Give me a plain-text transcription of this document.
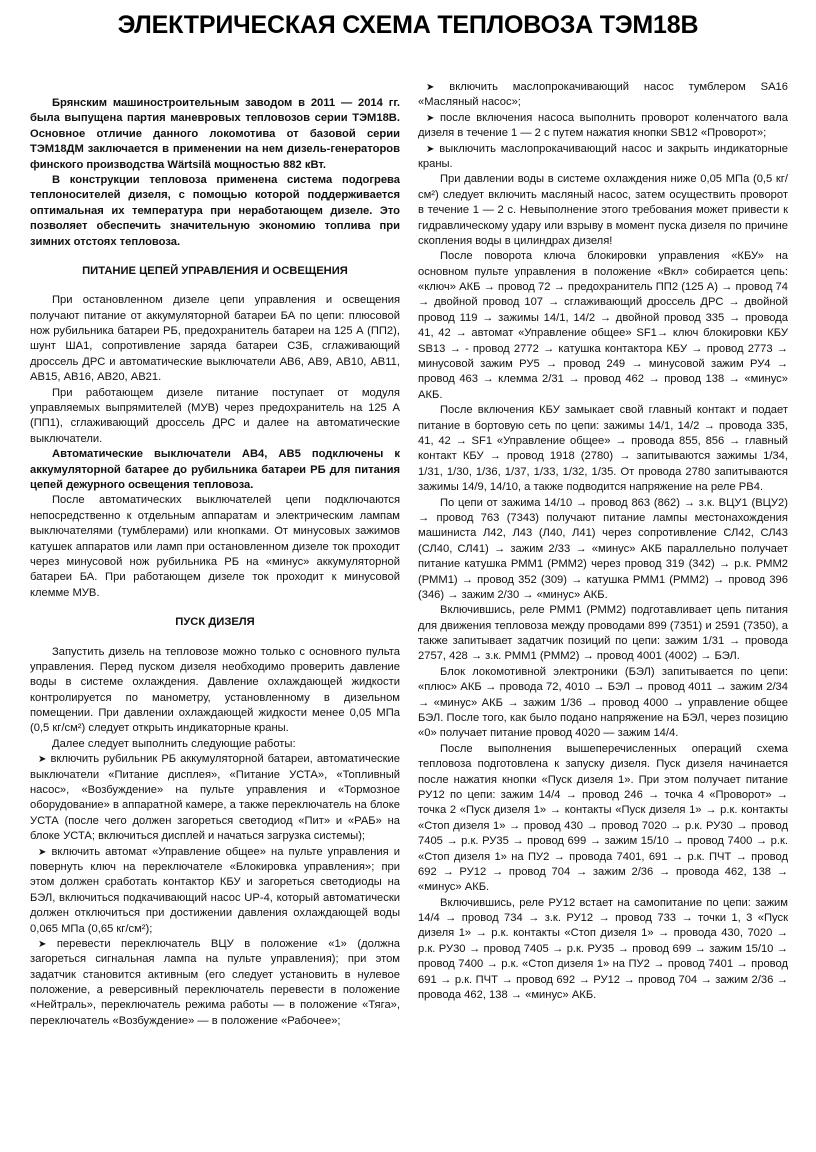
ЭЛЕКТРИЧЕСКАЯ СХЕМА ТЕПЛОВОЗА ТЭМ18В

Брянским машиностроительным заводом в 2011 — 2014 гг. была выпущена партия маневровых тепловозов серии ТЭМ18В. Основное отличие данного локомотива от базовой серии ТЭМ18ДМ заключается в применении на нем дизель-генераторов финского производства Wärtsilä мощностью 882 кВт.

В конструкции тепловоза применена система подогрева теплоносителей дизеля, с помощью которой поддерживается оптимальная их температура при неработающем дизеле. Это позволяет обеспечить значительную экономию топлива при зимних отстоях тепловоза.

ПИТАНИЕ ЦЕПЕЙ УПРАВЛЕНИЯ И ОСВЕЩЕНИЯ

При остановленном дизеле цепи управления и освещения получают питание от аккумуляторной батареи БА по цепи: плюсовой нож рубильника батареи РБ, предохранитель батареи на 125 А (ПП2), шунт ША1, сопротивление заряда батареи СЗБ, сглаживающий дроссель ДРС и автоматические выключатели АВ6, АВ9, АВ10, АВ11, АВ15, АВ16, АВ20, АВ21.

При работающем дизеле питание поступает от модуля управляемых выпрямителей (МУВ) через предохранитель на 125 А (ПП1), сглаживающий дроссель ДРС и далее на автоматические выключатели.

Автоматические выключатели АВ4, АВ5 подключены к аккумуляторной батарее до рубильника батареи РБ для питания цепей дежурного освещения тепловоза.

После автоматических выключателей цепи подключаются непосредственно к отдельным аппаратам и электрическим лампам выключателями (тумблерами) или кнопками. От минусовых зажимов катушек аппаратов или ламп при остановленном дизеле ток проходит через минусовой нож рубильника РБ на «минус» аккумуляторной батареи БА. При работающем дизеле ток проходит к минусовой клемме МУВ.

ПУСК ДИЗЕЛЯ

Запустить дизель на тепловозе можно только с основного пульта управления. Перед пуском дизеля необходимо проверить давление воды в системе охлаждения. Давление охлаждающей жидкости контролируется по манометру, установленному в дизельном помещении. При давлении охлаждающей жидкости менее 0,05 МПа (0,5 кг/см²) следует открыть индикаторные краны.

Далее следует выполнить следующие работы:

➤ включить рубильник РБ аккумуляторной батареи, автоматические выключатели «Питание дисплея», «Питание УСТА», «Топливный насос», «Возбуждение» на пульте управления и «Тормозное оборудование» в аппаратной камере, а также переключатель на блоке УСТА (после чего должен загореться светодиод «Пит» и «РАБ» на блоке УСТА; включиться дисплей и начаться загрузка системы);

➤ включить автомат «Управление общее» на пульте управления и повернуть ключ на переключателе «Блокировка управления»; при этом должен сработать контактор КБУ и загореться светодиоды на БЭЛ, включиться подкачивающий насос UP-4, который автоматически должен отключиться при достижении давления охлаждающей воды 0,065 МПа (0,65 кг/см²);

➤ перевести переключатель ВЦУ в положение «1» (должна загореться сигнальная лампа на пульте управления); при этом задатчик становится активным (его следует установить в нулевое положение, а реверсивный переключатель перевести в положение «Нейтраль», переключатель режима работы — в положение «Тяга», переключатель «Возбуждение» — в положение «Рабочее»;

➤ включить маслопрокачивающий насос тумблером SA16 «Масляный насос»;

➤ после включения насоса выполнить проворот коленчатого вала дизеля в течение 1 — 2 с путем нажатия кнопки SB12 «Проворот»;

➤ выключить маслопрокачивающий насос и закрыть индикаторные краны.

При давлении воды в системе охлаждения ниже 0,05 МПа (0,5 кг/см²) следует включить масляный насос, затем осуществить проворот в течение 1 — 2 с. Невыполнение этого требования может привести к гидравлическому удару или взрыву в момент пуска дизеля по причине скопления воды в цилиндрах дизеля!

После поворота ключа блокировки управления «КБУ» на основном пульте управления в положение «Вкл» собирается цепь: «ключ» АКБ → провод 72 → предохранитель ПП2 (125 А) → провод 74 → двойной провод 107 → сглаживающий дроссель ДРС → двойной провод 119 → зажимы 14/1, 14/2 → двойной провод 335 → провода 41, 42 → автомат «Управление общее» SF1→ ключ блокировки КБУ SB13 → - провод 2772 → катушка контактора КБУ → провод 2773 → минусовой зажим РУ5 → провод 249 → минусовой зажим РУ4 → провод 463 → клемма 2/31 → провод 462 → провод 138 → «минус» АКБ.

После включения КБУ замыкает свой главный контакт и подает питание в бортовую сеть по цепи: зажимы 14/1, 14/2 → провода 335, 41, 42 → SF1 «Управление общее» → провода 855, 856 → главный контакт КБУ → провод 1918 (2780) → запитываются зажимы 1/34, 1/31, 1/30, 1/36, 1/37, 1/33, 1/32, 1/35. От провода 2780 запитываются зажимы 14/9, 14/10, а также подводится напряжение на реле РВ4.

По цепи от зажима 14/10 → провод 863 (862) → з.к. ВЦУ1 (ВЦУ2) → провод 763 (7343) получают питание лампы местонахождения машиниста Л42, Л43 (Л40, Л41) через сопротивление СЛ42, СЛ43 (СЛ40, СЛ41) → зажим 2/33 → «минус» АКБ параллельно получает питание катушка РММ1 (РММ2) через провод 319 (342) → р.к. РММ2 (РММ1) → провод 352 (309) → катушка РММ1 (РММ2) → провод 396 (346) → зажим 2/30 → «минус» АКБ.

Включившись, реле РММ1 (РММ2) подготавливает цепь питания для движения тепловоза между проводами 899 (7351) и 2591 (7350), а также запитывает задатчик позиций по цепи: зажим 1/31 → провода 2757, 428 → з.к. РММ1 (РММ2) → провод 4001 (4002) → БЭЛ.

Блок локомотивной электроники (БЭЛ) запитывается по цепи: «плюс» АКБ → провода 72, 4010 → БЭЛ → провод 4011 → зажим 2/34 → «минус» АКБ → зажим 1/36 → провод 4000 → управление общее БЭЛ. После того, как было подано напряжение на БЭЛ, через позицию «0» получает питание провод 4020 — зажим 14/4.

После выполнения вышеперечисленных операций схема тепловоза подготовлена к запуску дизеля. Пуск дизеля начинается после нажатия кнопки «Пуск дизеля 1». При этом получает питание РУ12 по цепи: зажим 14/4 → провод 246 → точка 4 «Проворот» → точка 2 «Пуск дизеля 1» → контакты «Пуск дизеля 1» → р.к. контакты «Стоп дизеля 1» → провод 430 → провод 7020 → р.к. РУ30 → провод 7405 → р.к. РУ35 → провод 699 → зажим 15/10 → провод 7400 → р.к. «Стоп дизеля 1» на ПУ2 → провода 7401, 691 → р.к. ПЧТ → провод 692 → РУ12 → провод 704 → зажим 2/36 → провода 462, 138 → «минус» АКБ.

Включившись, реле РУ12 встает на самопитание по цепи: зажим 14/4 → провод 734 → з.к. РУ12 → провод 733 → точки 1, 3 «Пуск дизеля 1» → р.к. контакты «Стоп дизеля 1» → провода 430, 7020 → р.к. РУ30 → провод 7405 → р.к. РУ35 → провод 699 → зажим 15/10 → провод 7400 → р.к. «Стоп дизеля 1» на ПУ2 → провод 7401 → провод 691 → р.к. ПЧТ → провод 692 → РУ12 → провод 704 → зажим 2/36 → провода 462, 138 → «минус» АКБ.
